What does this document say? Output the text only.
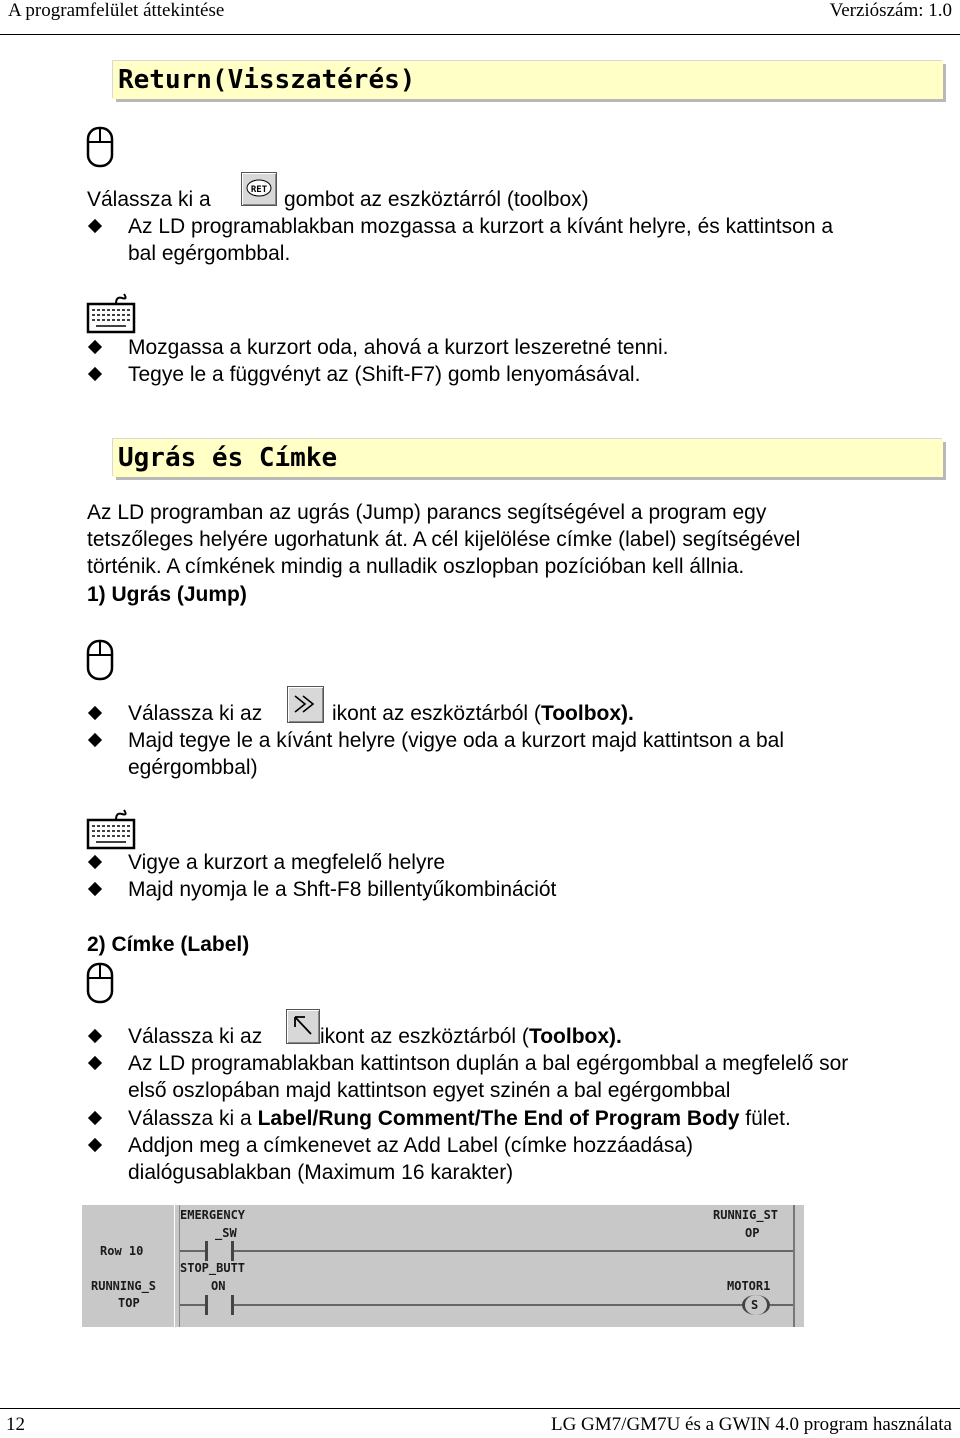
A programfelület áttekintése	Verziószám: 1.0
Return(Visszatérés)
Válassza ki a	RET gombot az eszköztárról (toolbox)
Az LD programablakban mozgassa a kurzort a kívánt helyre, és kattintson a
bal egérgombbal.
Mozgassa a kurzort oda, ahová a kurzort leszeretné tenni.
Tegye le a függvényt az (Shift-F7) gomb lenyomásával.
Ugrás és Címke
Az LD programban az ugrás (Jump) parancs segítségével a program egy
tetszőleges helyére ugorhatunk át. A cél kijelölése címke (label) segítségével
történik. A címkének mindig a nulladik oszlopban pozícióban kell állnia.
1) Ugrás (Jump)
Válassza ki az	ikont az eszköztárból (Toolbox).
Majd tegye le a kívánt helyre (vigye oda a kurzort majd kattintson a bal
egérgombbal)
Vigye a kurzort a megfelelő helyre
Majd nyomja le a Shft-F8 billentyűkombinációt
2) Címke (Label)
Válassza ki az	ikont az eszköztárból (Toolbox).
Az LD programablakban kattintson duplán a bal egérgombbal a megfelelő sor
első oszlopában majd kattintson egyet szinén a bal egérgombbal
Válassza ki a Label/Rung Comment/The End of Program Body fület.
Addjon meg a címkenevet az Add Label (címke hozzáadása)
dialógusablakban (Maximum 16 karakter)
Row 10
RUNNING_S
TOP
EMERGENCY
_SW
STOP_BUTT
ON
RUNNIG_ST
OP
MOTOR1
S
12	LG GM7/GM7U és a GWIN 4.0 program használata
